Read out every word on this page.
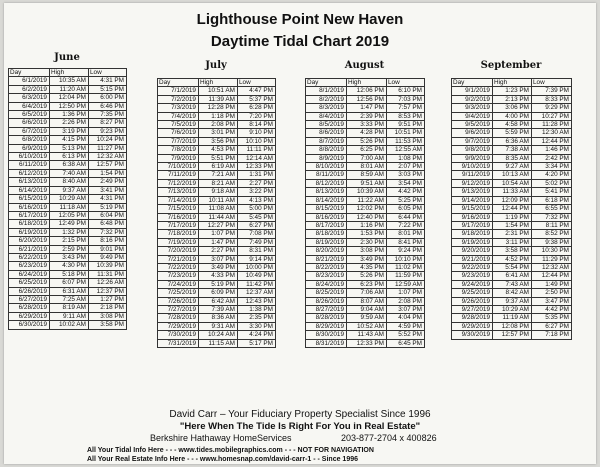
Lighthouse Point New Haven
Daytime Tidal Chart 2019
June
Day	High	Low
6/1/2019	10:35 AM	4:31 PM
6/2/2019	11:20 AM	5:15 PM
6/3/2019	12:04 PM	6:00 PM
6/4/2019	12:50 PM	6:46 PM
6/5/2019	1:36 PM	7:35 PM
6/6/2019	2:26 PM	8:27 PM
6/7/2019	3:19 PM	9:23 PM
6/8/2019	4:15 PM	10:24 PM
6/9/2019	5:13 PM	11:27 PM
6/10/2019	6:13 PM	12:32 AM
6/11/2019	6:38 AM	12:57 PM
6/12/2019	7:40 AM	1:54 PM
6/13/2019	8:40 AM	2:49 PM
6/14/2019	9:37 AM	3:41 PM
6/15/2019	10:29 AM	4:31 PM
6/16/2019	11:18 AM	5:19 PM
6/17/2019	12:05 PM	6:04 PM
6/18/2019	12:49 PM	6:48 PM
6/19/2019	1:32 PM	7:32 PM
6/20/2019	2:15 PM	8:16 PM
6/21/2019	2:59 PM	9:01 PM
6/22/2019	3:43 PM	9:49 PM
6/23/2019	4:30 PM	10:39 PM
6/24/2019	5:18 PM	11:31 PM
6/25/2019	6:07 PM	12:26 AM
6/26/2019	6:31 AM	12:37 PM
6/27/2019	7:25 AM	1:27 PM
6/28/2019	8:19 AM	2:18 PM
6/29/2019	9:11 AM	3:08 PM
6/30/2019	10:02 AM	3:58 PM
July
Day	High	Low
7/1/2019	10:51 AM	4:47 PM
7/2/2019	11:39 AM	5:37 PM
7/3/2019	12:28 PM	6:28 PM
7/4/2019	1:18 PM	7:20 PM
7/5/2019	2:08 PM	8:14 PM
7/6/2019	3:01 PM	9:10 PM
7/7/2019	3:56 PM	10:10 PM
7/8/2019	4:53 PM	11:11 PM
7/9/2019	5:51 PM	12:14 AM
7/10/2019	6:19 AM	12:33 PM
7/11/2019	7:21 AM	1:31 PM
7/12/2019	8:21 AM	2:27 PM
7/13/2019	9:18 AM	3:22 PM
7/14/2019	10:11 AM	4:13 PM
7/15/2019	11:08 AM	5:00 PM
7/16/2019	11:44 AM	5:45 PM
7/17/2019	12:27 PM	6:27 PM
7/18/2019	1:07 PM	7:08 PM
7/19/2019	1:47 PM	7:49 PM
7/20/2019	2:27 PM	8:31 PM
7/21/2019	3:07 PM	9:14 PM
7/22/2019	3:49 PM	10:00 PM
7/23/2019	4:33 PM	10:49 PM
7/24/2019	5:19 PM	11:42 PM
7/25/2019	6:09 PM	12:37 AM
7/26/2019	6:42 AM	12:43 PM
7/27/2019	7:39 AM	1:38 PM
7/28/2019	8:36 AM	2:35 PM
7/29/2019	9:31 AM	3:30 PM
7/30/2019	10:24 AM	4:24 PM
7/31/2019	11:15 AM	5:17 PM
August
Day	High	Low
8/1/2019	12:06 PM	6:10 PM
8/2/2019	12:56 PM	7:03 PM
8/3/2019	1:47 PM	7:57 PM
8/4/2019	2:39 PM	8:53 PM
8/5/2019	3:33 PM	9:51 PM
8/6/2019	4:28 PM	10:51 PM
8/7/2019	5:26 PM	11:53 PM
8/8/2019	6:25 PM	12:55 AM
8/9/2019	7:00 AM	1:08 PM
8/10/2019	8:01 AM	2:07 PM
8/11/2019	8:59 AM	3:03 PM
8/12/2019	9:51 AM	3:54 PM
8/13/2019	10:39 AM	4:42 PM
8/14/2019	11:22 AM	5:25 PM
8/15/2019	12:02 PM	6:05 PM
8/16/2019	12:40 PM	6:44 PM
8/17/2019	1:16 PM	7:22 PM
8/18/2019	1:53 PM	8:01 PM
8/19/2019	2:30 PM	8:41 PM
8/20/2019	3:08 PM	9:24 PM
8/21/2019	3:49 PM	10:10 PM
8/22/2019	4:35 PM	11:02 PM
8/23/2019	5:26 PM	11:59 PM
8/24/2019	6:23 PM	12:59 AM
8/25/2019	7:06 AM	1:07 PM
8/26/2019	8:07 AM	2:08 PM
8/27/2019	9:04 AM	3:07 PM
8/28/2019	9:59 AM	4:04 PM
8/29/2019	10:52 AM	4:59 PM
8/30/2019	11:43 AM	5:52 PM
8/31/2019	12:33 PM	6:45 PM
September
Day	High	Low
9/1/2019	1:23 PM	7:39 PM
9/2/2019	2:13 PM	8:33 PM
9/3/2019	3:06 PM	9:29 PM
9/4/2019	4:00 PM	10:27 PM
9/5/2019	4:58 PM	11:28 PM
9/6/2019	5:59 PM	12:30 AM
9/7/2019	6:36 AM	12:44 PM
9/8/2019	7:38 AM	1:46 PM
9/9/2019	8:35 AM	2:42 PM
9/10/2019	9:27 AM	3:34 PM
9/11/2019	10:13 AM	4:20 PM
9/12/2019	10:54 AM	5:02 PM
9/13/2019	11:33 AM	5:41 PM
9/14/2019	12:09 PM	6:18 PM
9/15/2019	12:44 PM	6:55 PM
9/16/2019	1:19 PM	7:32 PM
9/17/2019	1:54 PM	8:11 PM
9/18/2019	2:31 PM	8:52 PM
9/19/2019	3:11 PM	9:38 PM
9/20/2019	3:58 PM	10:30 PM
9/21/2019	4:52 PM	11:29 PM
9/22/2019	5:54 PM	12:32 AM
9/23/2019	6:41 AM	12:44 PM
9/24/2019	7:43 AM	1:49 PM
9/25/2019	8:42 AM	2:50 PM
9/26/2019	9:37 AM	3:47 PM
9/27/2019	10:29 AM	4:42 PM
9/28/2019	11:19 AM	5:35 PM
9/29/2019	12:08 PM	6:27 PM
9/30/2019	12:57 PM	7:18 PM
David Carr – Your Fiduciary Property Specialist Since 1996
"Here When The Tide Is Right For You in Real Estate"
Berkshire Hathaway HomeServices	203-877-2704 x 400826
All Your Tidal Info Here - - - www.tides.mobilegraphics.com - - - NOT FOR NAVIGATION
All Your Real Estate Info Here - - - www.homesnap.com/david-carr-1 - - Since 1996
